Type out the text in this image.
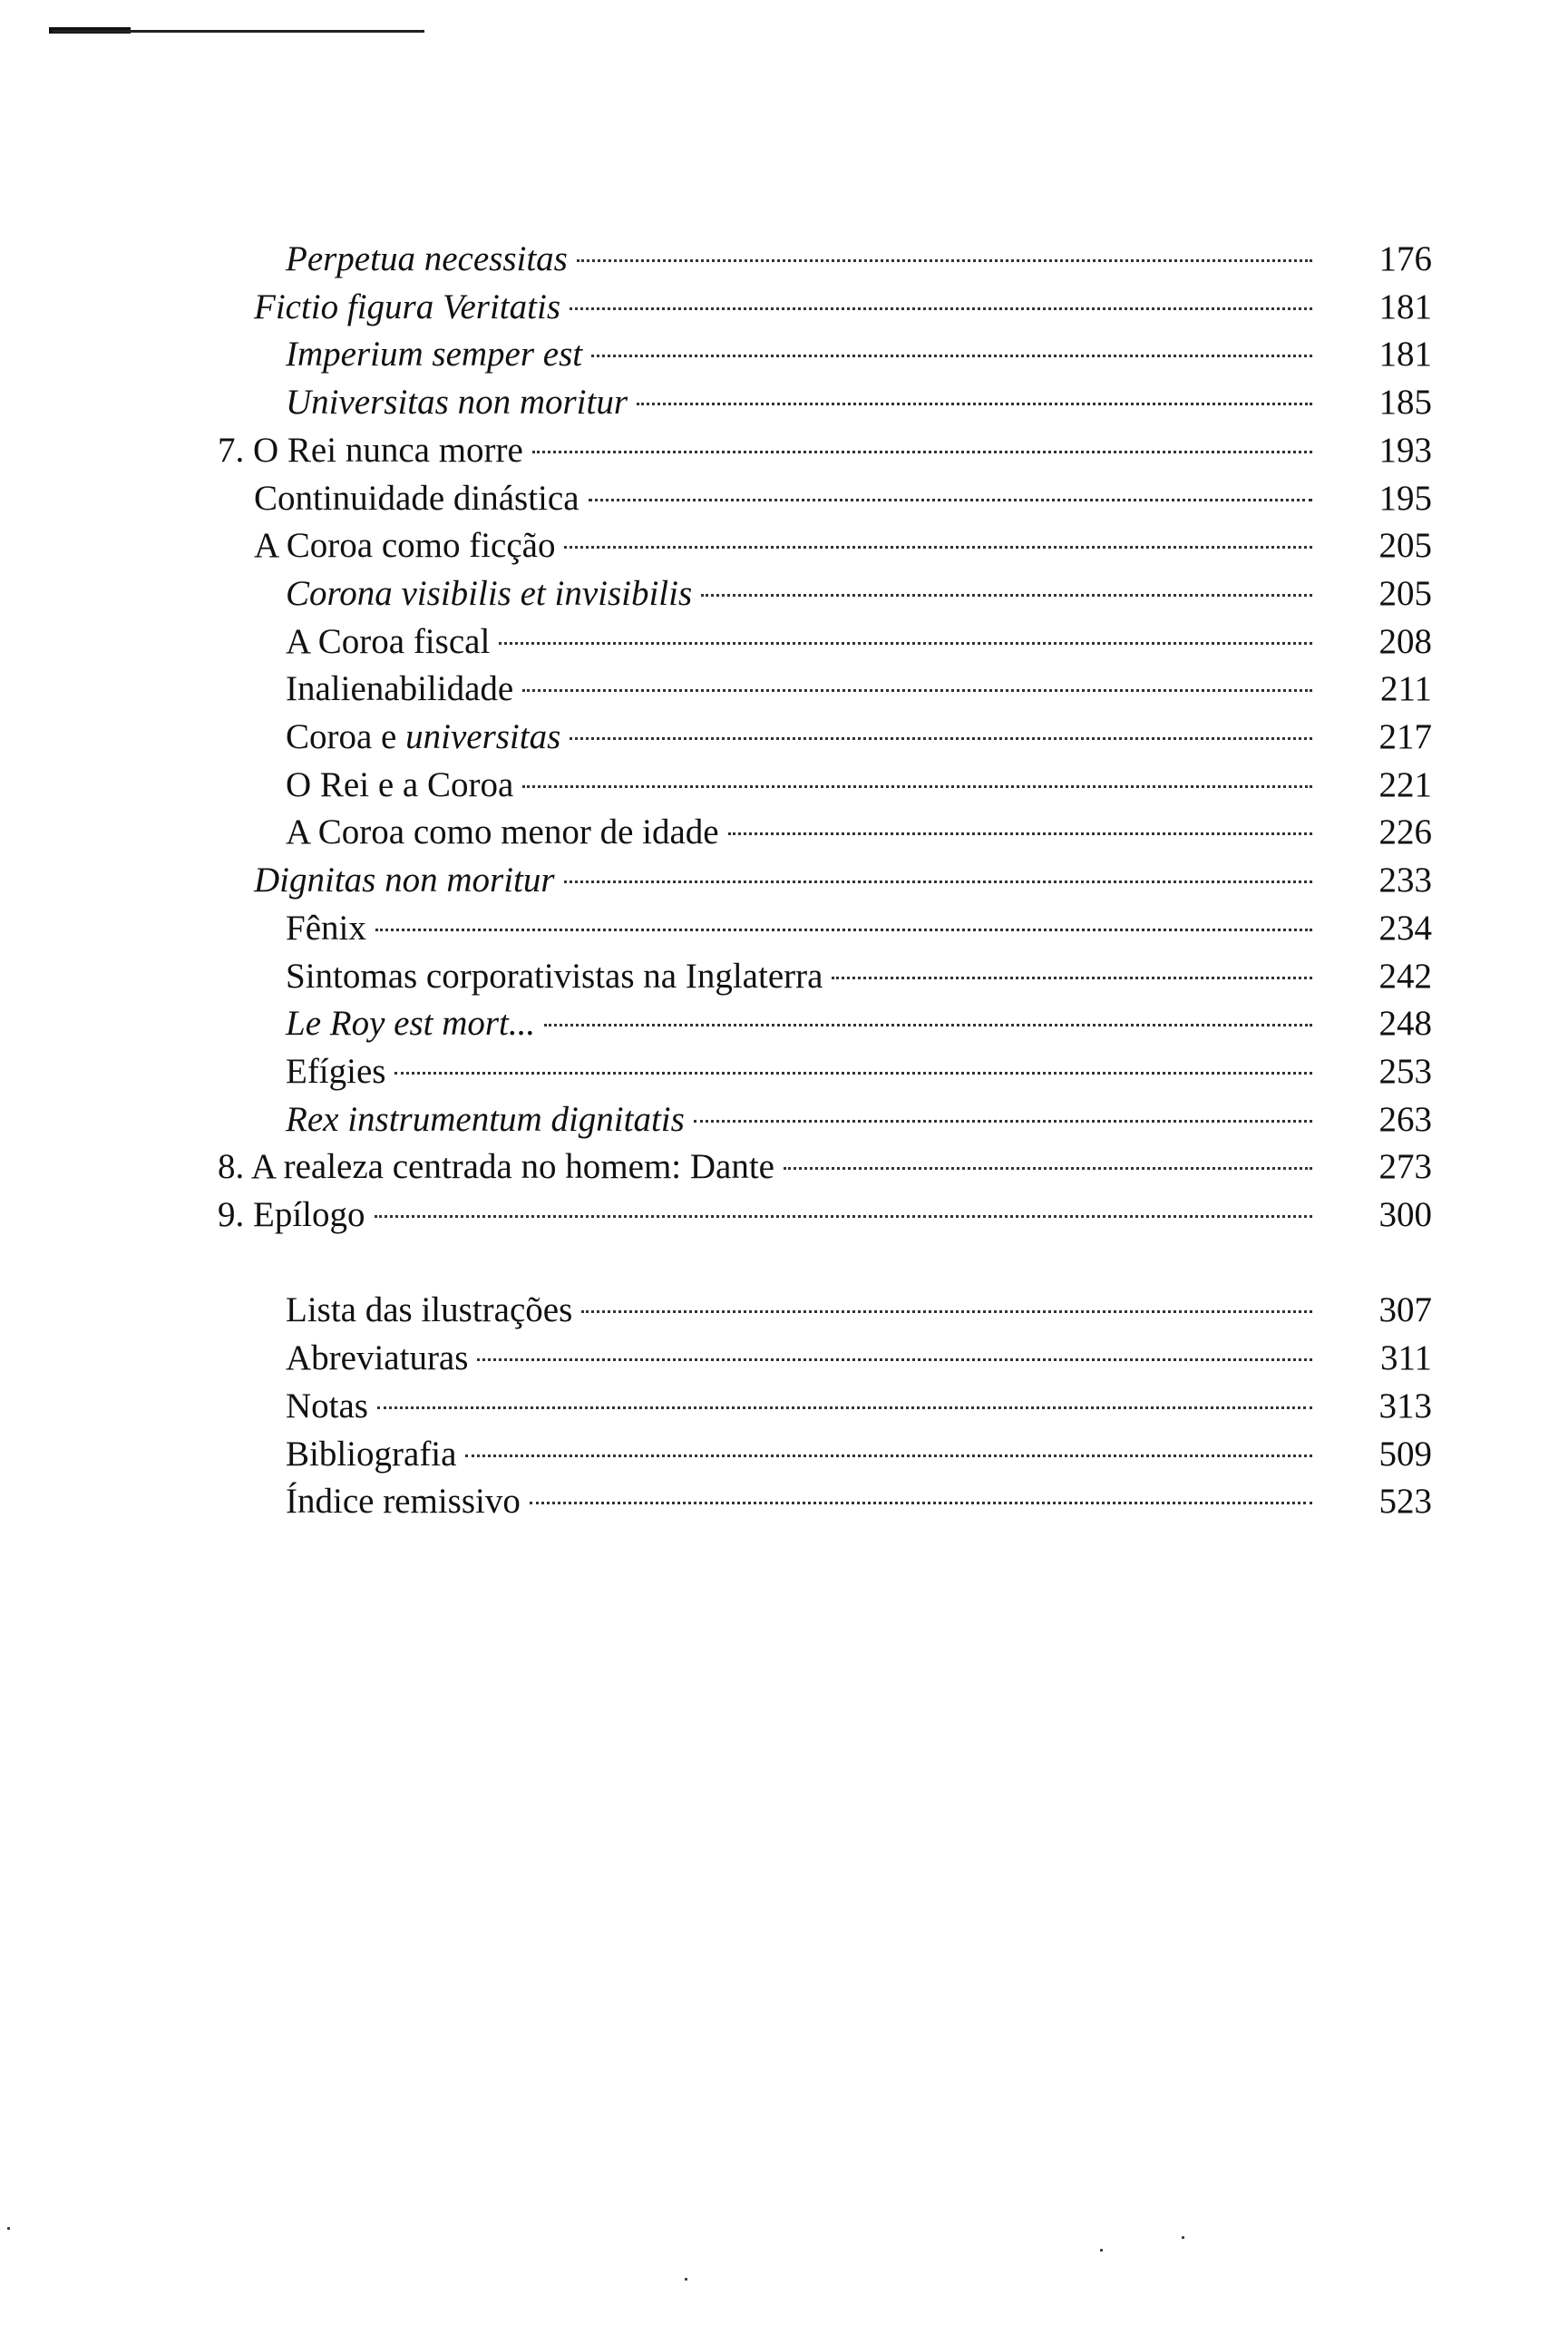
Perpetua necessitas	176
Fictio figura Veritatis	181
Imperium semper est	181
Universitas non moritur	185
7. O Rei nunca morre	193
Continuidade dinástica	195
A Coroa como ficção	205
Corona visibilis et invisibilis	205
A Coroa fiscal	208
Inalienabilidade	211
Coroa e universitas	217
O Rei e a Coroa	221
A Coroa como menor de idade	226
Dignitas non moritur	233
Fênix	234
Sintomas corporativistas na Inglaterra	242
Le Roy est mort...	248
Efígies	253
Rex instrumentum dignitatis	263
8. A realeza centrada no homem: Dante	273
9. Epílogo	300
Lista das ilustrações	307
Abreviaturas	311
Notas	313
Bibliografia	509
Índice remissivo	523
